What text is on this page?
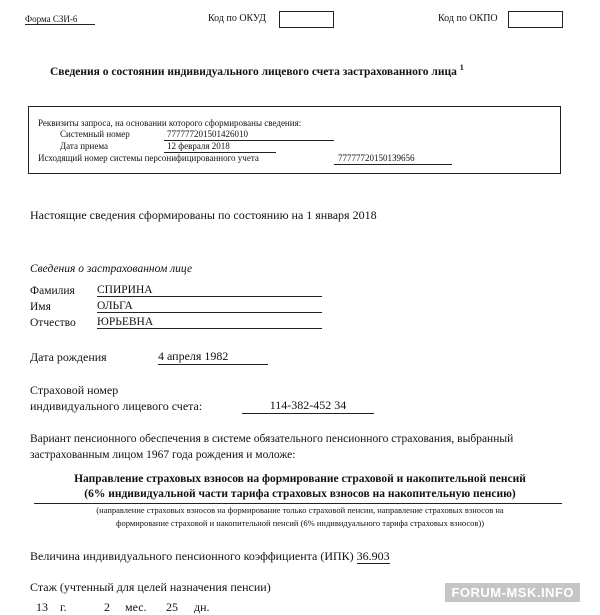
Форма СЗИ-6	Код по ОКУД	Код по ОКПО
Сведения о состоянии индивидуального лицевого счета застрахованного лица $^1$
Реквизиты запроса, на основании которого сформированы сведения:
Системный номер	777777201501426010
Дата приема	12 февраля 2018
Исходящий номер системы персонифицированного учета	777777201501З9656
Настоящие сведения сформированы по состоянию на 1 января 2018
Сведения о застрахованном лице
Фамилия СПИРИНА
Имя	ОЛЬГА
Отчество ЮРЬЕВНА
Дата рождения	4 апреля 1982
Страховой номер
индивидуального лицевого счета:	114-382-452 34
Вариант пенсионного обеспечения в системе обязательного пенсионного страхования, выбранный
застрахованным лицом 1967 года рождения и моложе:
Направление страховых взносов на формирование страховой и накопительной пенсий
(6% индивидуальной части тарифа страховых взносов на накопительную пенсию)
(направление страховых взносов на формирование только страховой пенсии, направление страховых взносов на
формирование страховой и накопительной пенсий (6% индивидуального тарифа страховых взносов))
Величина индивидуального пенсионного коэффициента (ИПК) 36.903
Стаж (учтенный для целей назначения пенсии)
13 г.	2 мес. 25 дн.
FORUM-MSK.INFO
